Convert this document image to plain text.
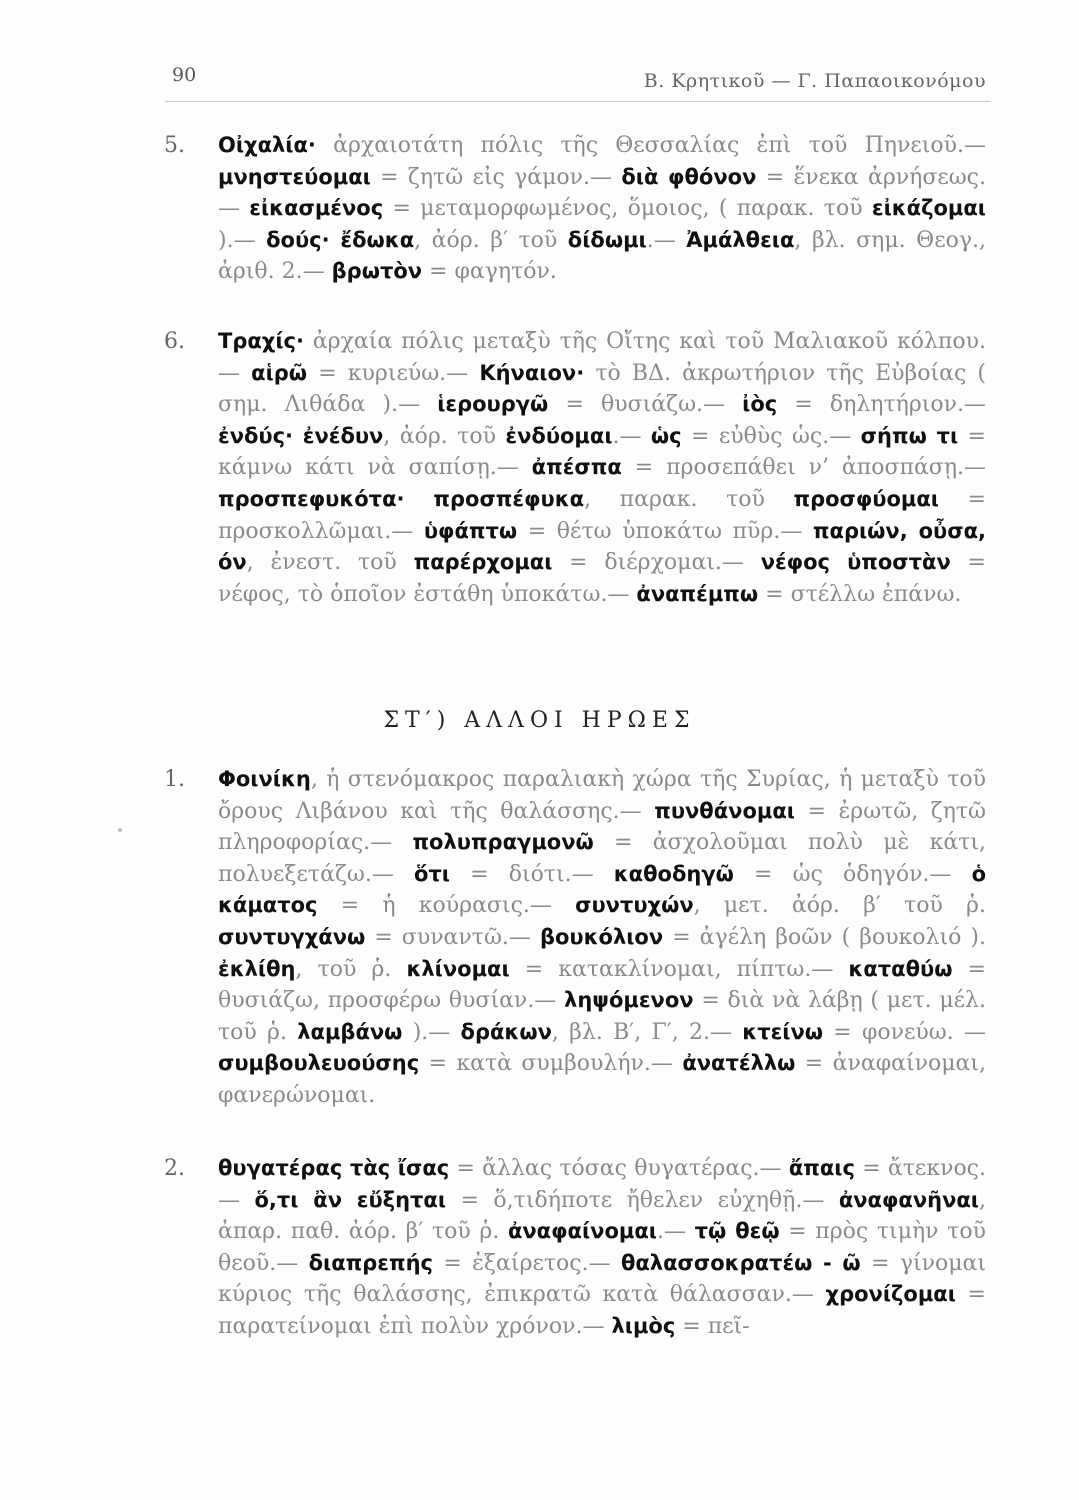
90	Β. Κρητικοῦ — Γ. Παπαοικονόμου
5. Οἰχαλία· ἀρχαιοτάτη πόλις τῆς Θεσσαλίας ἐπὶ τοῦ Πηνειοῦ.— μνηστεύομαι = ζητῶ εἰς γάμον.— διὰ φθόνον = ἕνεκα ἀρνήσεως.— εἰκασμένος = μεταμορφωμένος, ὅμοιος, ( παρακ. τοῦ εἰκάζομαι ).— δούς· ἔδωκα, ἀόρ. β′ τοῦ δίδωμι.— Ἀμάλθεια, βλ. σημ. Θεογ., ἀριθ. 2.— βρωτὸν = φαγητόν.

6. Τραχίς· ἀρχαία πόλις μεταξὺ τῆς Οἴτης καὶ τοῦ Μαλιακοῦ κόλπου.— αἱρῶ = κυριεύω.— Κήναιον· τὸ ΒΔ. ἀκρωτήριον τῆς Εὐβοίας ( σημ. Λιθάδα ).— ἱερουργῶ = θυσιάζω.— ἰὸς = δηλητήριον.— ἐνδύς· ἐνέδυν, ἀόρ. τοῦ ἐνδύομαι.— ὡς = εὐθὺς ὡς.— σήπω τι = κάμνω κάτι νὰ σαπίσῃ.— ἀπέσπα = προσεπάθει ν’ ἀποσπάσῃ.— προσπεφυκότα· προσπέφυκα, παρακ. τοῦ προσφύομαι = προσκολλῶμαι.— ὑφάπτω = θέτω ὑποκάτω πῦρ.— παριών, οὖσα, όν, ἐνεστ. τοῦ παρέρχομαι = διέρχομαι.— νέφος ὑποστὰν = νέφος, τὸ ὁποῖον ἐστάθη ὑποκάτω.— ἀναπέμπω = στέλλω ἐπάνω.

ΣΤ′) ΑΛΛΟΙ ΗΡΩΕΣ
1. Φοινίκη, ἡ στενόμακρος παραλιακὴ χώρα τῆς Συρίας, ἡ μεταξὺ τοῦ ὄρους Λιβάνου καὶ τῆς θαλάσσης.— πυνθάνομαι = ἐρωτῶ, ζητῶ πληροφορίας.— πολυπραγμονῶ = ἀσχολοῦμαι πολὺ μὲ κάτι, πολυεξετάζω.— ὅτι = διότι.— καθοδηγῶ = ὡς ὁδηγόν.— ὁ κάματος = ἡ κούρασις.— συντυχών, μετ. ἀόρ. β′ τοῦ ῥ. συντυγχάνω = συναντῶ.— βουκόλιον = ἀγέλη βοῶν ( βουκολιό ). ἐκλίθη, τοῦ ῥ. κλίνομαι = κατακλίνομαι, πίπτω.— καταθύω = θυσιάζω, προσφέρω θυσίαν.— ληψόμενον = διὰ νὰ λάβῃ ( μετ. μέλ. τοῦ ῥ. λαμβάνω ).— δράκων, βλ. Β′, Γ′, 2.— κτείνω = φονεύω. — συμβουλευούσης = κατὰ συμβουλήν.— ἀνατέλλω = ἀναφαίνομαι, φανερώνομαι.

2. θυγατέρας τὰς ἴσας = ἄλλας τόσας θυγατέρας.— ἄπαις = ἄτεκνος.— ὅ,τι ἂν εὔξηται = ὅ,τιδήποτε ἤθελεν εὐχηθῇ.— ἀναφανῆναι, ἀπαρ. παθ. ἀόρ. β′ τοῦ ῥ. ἀναφαίνομαι.— τῷ θεῷ = πρὸς τιμὴν τοῦ θεοῦ.— διαπρεπής = ἐξαίρετος.— θαλασσοκρατέω - ῶ = γίνομαι κύριος τῆς θαλάσσης, ἐπικρατῶ κατὰ θάλασσαν.— χρονίζομαι = παρατείνομαι ἐπὶ πολὺν χρόνον.— λιμὸς = πεῖ-
